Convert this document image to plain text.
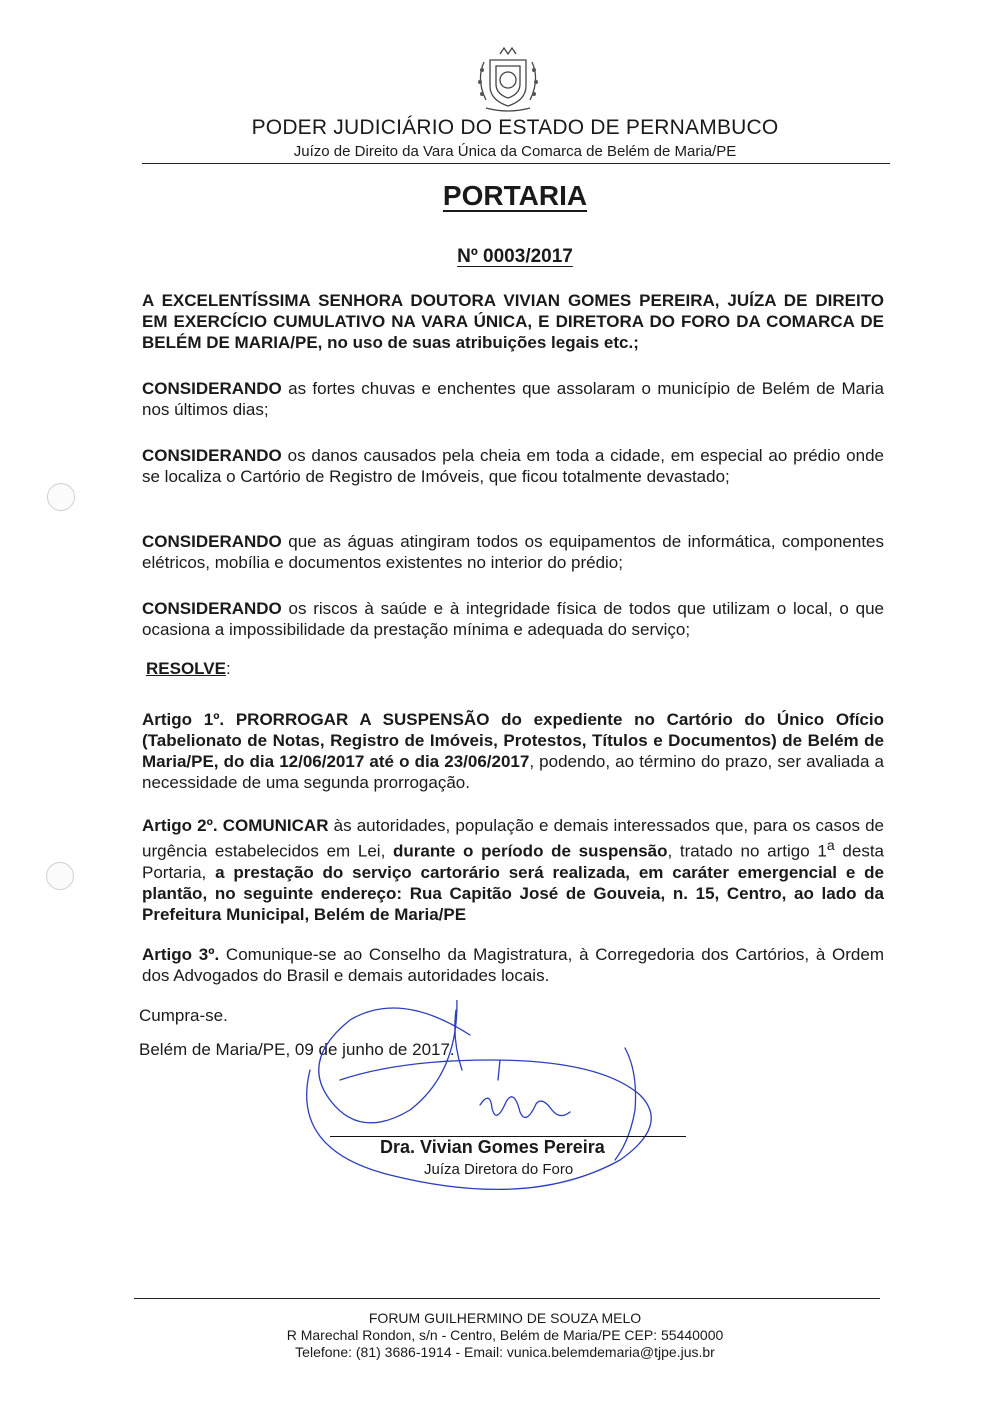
PODER JUDICIÁRIO DO ESTADO DE PERNAMBUCO
Juízo de Direito da Vara Única da Comarca de Belém de Maria/PE
PORTARIA
Nº 0003/2017
A EXCELENTÍSSIMA SENHORA DOUTORA VIVIAN GOMES PEREIRA, JUÍZA DE DIREITO EM EXERCÍCIO CUMULATIVO NA VARA ÚNICA, E DIRETORA DO FORO DA COMARCA DE BELÉM DE MARIA/PE, no uso de suas atribuições legais etc.;
CONSIDERANDO as fortes chuvas e enchentes que assolaram o município de Belém de Maria nos últimos dias;
CONSIDERANDO os danos causados pela cheia em toda a cidade, em especial ao prédio onde se localiza o Cartório de Registro de Imóveis, que ficou totalmente devastado;
CONSIDERANDO que as águas atingiram todos os equipamentos de informática, componentes elétricos, mobília e documentos existentes no interior do prédio;
CONSIDERANDO os riscos à saúde e à integridade física de todos que utilizam o local, o que ocasiona a impossibilidade da prestação mínima e adequada do serviço;
RESOLVE:
Artigo 1º. PRORROGAR A SUSPENSÃO do expediente no Cartório do Único Ofício (Tabelionato de Notas, Registro de Imóveis, Protestos, Títulos e Documentos) de Belém de Maria/PE, do dia 12/06/2017 até o dia 23/06/2017, podendo, ao término do prazo, ser avaliada a necessidade de uma segunda prorrogação.
Artigo 2º. COMUNICAR às autoridades, população e demais interessados que, para os casos de urgência estabelecidos em Lei, durante o período de suspensão, tratado no artigo 1$^a$ desta Portaria, a prestação do serviço cartorário será realizada, em caráter emergencial e de plantão, no seguinte endereço: Rua Capitão José de Gouveia, n. 15, Centro, ao lado da Prefeitura Municipal, Belém de Maria/PE
Artigo 3º. Comunique-se ao Conselho da Magistratura, à Corregedoria dos Cartórios, à Ordem dos Advogados do Brasil e demais autoridades locais.
Cumpra-se.
Belém de Maria/PE, 09 de junho de 2017.
Dra. Vivian Gomes Pereira
Juíza Diretora do Foro
FORUM GUILHERMINO DE SOUZA MELO
R Marechal Rondon, s/n - Centro, Belém de Maria/PE CEP: 55440000
Telefone: (81) 3686-1914 - Email: vunica.belemdemaria@tjpe.jus.br
